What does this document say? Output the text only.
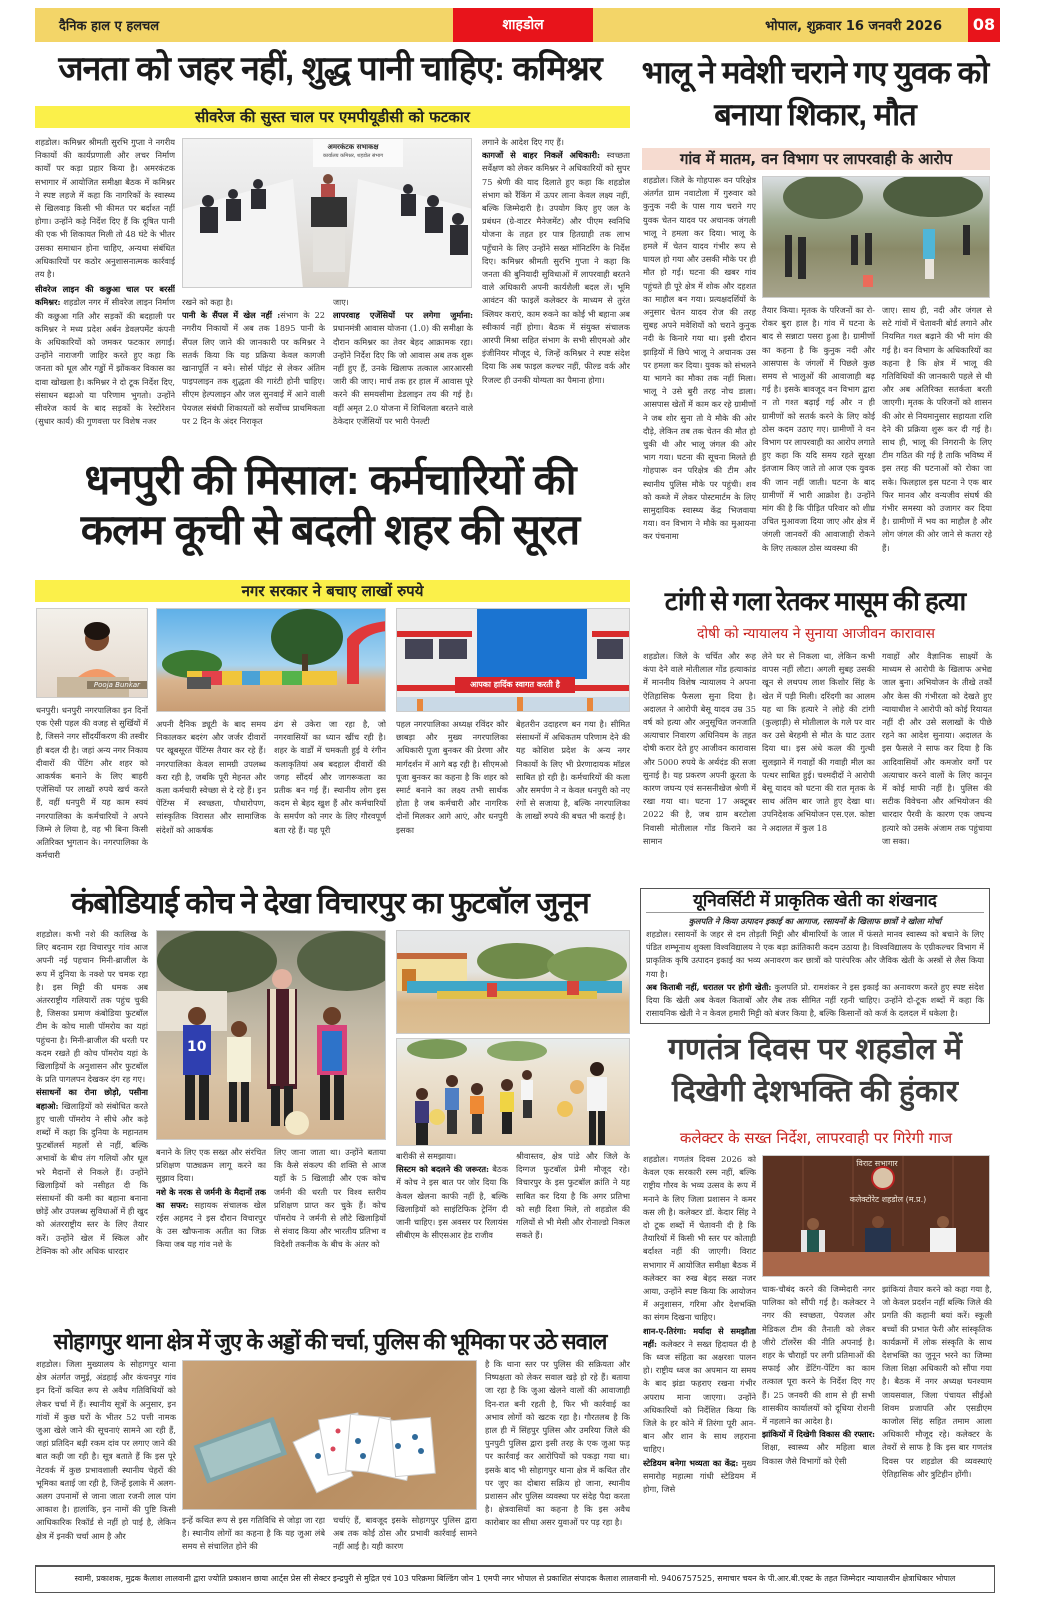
दैनिक हाल ए हलचल	शाहडोल	भोपाल, शुक्रवार 16 जनवरी 2026	08
जनता को जहर नहीं, शुद्ध पानी चाहिए: कमिश्नर
सीवरेज की सुस्त चाल पर एमपीयूडीसी को फटकार
शहडोल। कमिश्नर श्रीमती सुरभि गुप्ता ने नगरीय निकायों की कार्यप्रणाली और लचर निर्माण कार्यों पर कड़ा प्रहार किया है। अमरकंटक सभागार में आयोजित समीक्षा बैठक में कमिश्नर ने स्पष्ट लहजे में कहा कि नागरिकों के स्वास्थ्य से खिलवाड़ किसी भी कीमत पर बर्दाश्त नहीं होगा। उन्होंने कड़े निर्देश दिए हैं कि दूषित पानी की एक भी शिकायत मिली तो 48 घंटे के भीतर उसका समाधान होना चाहिए, अन्यथा संबंधित अधिकारियों पर कठोर अनुशासनात्मक कार्रवाई तय है।
सीवरेज लाइन की कछुआ चाल पर बरसीं कमिश्नर: शहडोल नगर में सीवरेज लाइन निर्माण की कछुआ गति और सड़कों की बदहाली पर कमिश्नर ने मध्य प्रदेश अर्बन डेवलपमेंट कंपनी के अधिकारियों को जमकर फटकार लगाई। उन्होंने नाराजगी जाहिर करते हुए कहा कि जनता को धूल और गड्ढों में झोंककर विकास का दावा खोखला है। कमिश्नर ने दो टूक निर्देश दिए, संसाधन बढ़ाओ या परिणाम भुगतो। उन्होंने सीवरेज कार्य के बाद सड़कों के रेस्टोरेशन (सुधार कार्य) की गुणवत्ता पर विशेष नजर
अमरकंटक सभाकक्ष
कार्यालय कमिश्नर, शहडोल संभाग
रखने को कहा है।
पानी के सैंपल में खेल नहीं :संभाग के 22 नगरीय निकायों में अब तक 1895 पानी के सैंपल लिए जाने की जानकारी पर कमिश्नर ने सतर्क किया कि यह प्रक्रिया केवल कागजी खानापूर्ति न बने। सोर्स पॉइंट से लेकर अंतिम पाइपलाइन तक शुद्धता की गारंटी होनी चाहिए। सीएम हेल्पलाइन और जल सुनवाई में आने वाली पेयजल संबंधी शिकायतों को सर्वोच्च प्राथमिकता पर 2 दिन के अंदर निराकृत
जाए।
लापरवाह एजेंसियों पर लगेगा जुर्माना: प्रधानमंत्री आवास योजना (1.0) की समीक्षा के दौरान कमिश्नर का तेवर बेहद आक्रामक रहा। उन्होंने निर्देश दिए कि जो आवास अब तक शुरू नहीं हुए हैं, उनके खिलाफ तत्काल आरआरसी जारी की जाए। मार्च तक हर हाल में आवास पूरे करने की समयसीमा डेडलाइन तय की गई है। वहीं अमृत 2.0 योजना में शिथिलता बरतने वाले ठेकेदार एजेंसियों पर भारी पेनल्टी
लगाने के आदेश दिए गए हैं।
कागजों से बाहर निकलें अधिकारी: स्वच्छता सर्वेक्षण को लेकर कमिश्नर ने अधिकारियों को सुपर 75 श्रेणी की याद दिलाते हुए कहा कि शहडोल संभाग को रैंकिंग में ऊपर लाना केवल लक्ष्य नहीं, बल्कि जिम्मेदारी है। उपयोग किए हुए जल के प्रबंधन (ग्रे-वाटर मैनेजमेंट) और पीएम स्वनिधि योजना के तहत हर पात्र हितग्राही तक लाभ पहुँचाने के लिए उन्होंने सख्त मॉनिटरिंग के निर्देश दिए। कमिश्नर श्रीमती सुरभि गुप्ता ने कहा कि जनता की बुनियादी सुविधाओं में लापरवाही बरतने वाले अधिकारी अपनी कार्यशैली बदल लें। भूमि आवंटन की फाइलें कलेक्टर के माध्यम से तुरंत क्लियर कराएं, काम रुकने का कोई भी बहाना अब स्वीकार्य नहीं होगा। बैठक में संयुक्त संचालक आरपी मिश्रा सहित संभाग के सभी सीएमओ और इंजीनियर मौजूद थे, जिन्हें कमिश्नर ने स्पष्ट संदेश दिया कि अब फाइल कल्चर नहीं, फील्ड वर्क और रिजल्ट ही उनकी योग्यता का पैमाना होगा।
भालू ने मवेशी चराने गए युवक को बनाया शिकार, मौत
गांव में मातम, वन विभाग पर लापरवाही के आरोप
शहडोल। जिले के गोहपारू वन परिक्षेत्र अंतर्गत ग्राम नवाटोला में गुरुवार को कुनुक नदी के पास गाय चराने गए युवक चेतन यादव पर अचानक जंगली भालू ने हमला कर दिया। भालू के हमले में चेतन यादव गंभीर रूप से घायल हो गया और उसकी मौके पर ही मौत हो गई। घटना की खबर गांव पहुंचते ही पूरे क्षेत्र में शोक और दहशत का माहौल बन गया। प्रत्यक्षदर्शियों के अनुसार चेतन यादव रोज की तरह सुबह अपने मवेशियों को चराने कुनुक नदी के किनारे गया था। इसी दौरान झाड़ियों में छिपे भालू ने अचानक उस पर हमला कर दिया। युवक को संभलने या भागने का मौका तक नहीं मिला। भालू ने उसे बुरी तरह नोच डाला। आसपास खेतों में काम कर रहे ग्रामीणों ने जब शोर सुना तो वे मौके की ओर दौड़े, लेकिन तब तक चेतन की मौत हो चुकी थी और भालू जंगल की ओर भाग गया। घटना की सूचना मिलते ही गोहपारू वन परिक्षेत्र की टीम और स्थानीय पुलिस मौके पर पहुंची। शव को कब्जे में लेकर पोस्टमार्टम के लिए सामुदायिक स्वास्थ्य केंद्र भिजवाया गया। वन विभाग ने मौके का मुआयना कर पंचनामा
तैयार किया। मृतक के परिजनों का रो-रोकर बुरा हाल है। गांव में घटना के बाद से सन्नाटा पसरा हुआ है। ग्रामीणों का कहना है कि कुनुक नदी और आसपास के जंगलों में पिछले कुछ समय से भालुओं की आवाजाही बढ़ गई है। इसके बावजूद वन विभाग द्वारा न तो गश्त बढ़ाई गई और न ही ग्रामीणों को सतर्क करने के लिए कोई ठोस कदम उठाए गए। ग्रामीणों ने वन विभाग पर लापरवाही का आरोप लगाते हुए कहा कि यदि समय रहते सुरक्षा इंतजाम किए जाते तो आज एक युवक की जान नहीं जाती। घटना के बाद ग्रामीणों में भारी आक्रोश है। उन्होंने मांग की है कि पीड़ित परिवार को शीघ्र उचित मुआवजा दिया जाए और क्षेत्र में जंगली जानवरों की आवाजाही रोकने के लिए तत्काल ठोस व्यवस्था की
जाए। साथ ही, नदी और जंगल से सटे गांवों में चेतावनी बोर्ड लगाने और नियमित गश्त बढ़ाने की भी मांग की गई है। वन विभाग के अधिकारियों का कहना है कि क्षेत्र में भालू की गतिविधियों की जानकारी पहले से थी और अब अतिरिक्त सतर्कता बरती जाएगी। मृतक के परिजनों को शासन की ओर से नियमानुसार सहायता राशि देने की प्रक्रिया शुरू कर दी गई है। साथ ही, भालू की निगरानी के लिए टीम गठित की गई है ताकि भविष्य में इस तरह की घटनाओं को रोका जा सके। फिलहाल इस घटना ने एक बार फिर मानव और वन्यजीव संघर्ष की गंभीर समस्या को उजागर कर दिया है। ग्रामीणों में भय का माहौल है और लोग जंगल की ओर जाने से कतरा रहे हैं।
धनपुरी की मिसाल: कर्मचारियों की
कलम कूची से बदली शहर की सूरत
नगर सरकार ने बचाए लाखों रुपये
Pooja Bunkar
धनपुरी। धनपुरी नगरपालिका इन दिनों एक ऐसी पहल की वजह से सुर्खियों में है, जिसने नगर सौंदर्यीकरण की तस्वीर ही बदल दी है। जहां अन्य नगर निकाय दीवारों की पेंटिंग और शहर को आकर्षक बनाने के लिए बाहरी एजेंसियों पर लाखों रुपये खर्च करते हैं, वहीं धनपुरी में यह काम स्वयं नगरपालिका के कर्मचारियों ने अपने जिम्मे ले लिया है, वह भी बिना किसी अतिरिक्त भुगतान के। नगरपालिका के कर्मचारी
अपनी दैनिक ड्यूटी के बाद समय निकालकर बदरंग और जर्जर दीवारों पर खूबसूरत पेंटिंग्स तैयार कर रहे हैं। नगरपालिका केवल सामग्री उपलब्ध करा रही है, जबकि पूरी मेहनत और कला कर्मचारी स्वेच्छा से दे रहे हैं। इन पेंटिंग्स में स्वच्छता, पौधारोपण, सांस्कृतिक विरासत और सामाजिक संदेशों को आकर्षक
ढंग से उकेरा जा रहा है, जो नगरवासियों का ध्यान खींच रही है। शहर के वार्डों में चमकती हुई ये रंगीन कलाकृतियां अब बदहाल दीवारों की जगह सौंदर्य और जागरूकता का प्रतीक बन गई हैं। स्थानीय लोग इस कदम से बेहद खुश हैं और कर्मचारियों के समर्पण को नगर के लिए गौरवपूर्ण बता रहे हैं। यह पूरी
आपका हार्दिक स्वागत करती है
पहल नगरपालिका अध्यक्ष रविंदर कौर छाबड़ा और मुख्य नगरपालिका अधिकारी पूजा बुनकर की प्रेरणा और मार्गदर्शन में आगे बढ़ रही है। सीएमओ पूजा बुनकर का कहना है कि शहर को स्मार्ट बनाने का लक्ष्य तभी सार्थक होता है जब कर्मचारी और नागरिक दोनों मिलकर आगे आएं, और धनपुरी इसका
बेहतरीन उदाहरण बन गया है। सीमित संसाधनों में अधिकतम परिणाम देने की यह कोशिश प्रदेश के अन्य नगर निकायों के लिए भी प्रेरणादायक मॉडल साबित हो रही है। कर्मचारियों की कला और समर्पण ने न केवल धनपुरी को नए रंगों से सजाया है, बल्कि नगरपालिका के लाखों रुपये की बचत भी कराई है।
टांगी से गला रेतकर मासूम की हत्या
दोषी को न्यायालय ने सुनाया आजीवन कारावास
शहडोल। जिले के चर्चित और रूह कंपा देने वाले मोतीलाल गोंड हत्याकांड में माननीय विशेष न्यायालय ने अपना ऐतिहासिक फैसला सुना दिया है। अदालत ने आरोपी बेसू यादव उम्र 35 वर्ष को हत्या और अनुसूचित जनजाति अत्याचार निवारण अधिनियम के तहत दोषी करार देते हुए आजीवन कारावास और 5000 रुपये के अर्थदंड की सजा सुनाई है। यह प्रकरण अपनी क्रूरता के कारण जघन्य एवं सनसनीखेज श्रेणी में रखा गया था। घटना 17 अक्टूबर 2022 की है, जब ग्राम बरटोला निवासी मोतीलाल गोंड किराने का सामान
लेने घर से निकला था, लेकिन कभी वापस नहीं लौटा। अगली सुबह उसकी खून से लथपथ लाश किशोर सिंह के खेत में पड़ी मिली। दरिंदगी का आलम यह था कि हत्यारे ने लोहे की टांगी (कुल्हाड़ी) से मोतीलाल के गले पर वार कर उसे बेरहमी से मौत के घाट उतार दिया था। इस अंधे कत्ल की गुत्थी सुलझाने में गवाहों की गवाही मील का पत्थर साबित हुई। चश्मदीदों ने आरोपी बेसू यादव को घटना की रात मृतक के साथ अंतिम बार जाते हुए देखा था। उपनिदेशक अभियोजन एस.एल. कोष्टा ने अदालत में कुल 18
गवाहों और वैज्ञानिक साक्ष्यों के माध्यम से आरोपी के खिलाफ अभेद्य जाल बुना। अभियोजन के तीखे तर्कों और केस की गंभीरता को देखते हुए न्यायाधीश ने आरोपी को कोई रियायत नहीं दी और उसे सलाखों के पीछे रहने का आदेश सुनाया। अदालत के इस फैसले ने साफ कर दिया है कि आदिवासियों और कमजोर वर्गों पर अत्याचार करने वालों के लिए कानून में कोई माफी नहीं है। पुलिस की सटीक विवेचना और अभियोजन की धारदार पैरवी के कारण एक जघन्य हत्यारे को उसके अंजाम तक पहुंचाया जा सका।
यूनिवर्सिटी में प्राकृतिक खेती का शंखनाद
कुलपति ने किया उत्पादन इकाई का आगाज, रसायनों के खिलाफ छात्रों ने खोला मोर्चा
शहडोल। रसायनों के जहर से दम तोड़ती मिट्टी और बीमारियों के जाल में फंसते मानव स्वास्थ्य को बचाने के लिए पंडित शम्भूनाथ शुक्ला विश्वविद्यालय ने एक बड़ा क्रांतिकारी कदम उठाया है। विश्वविद्यालय के एग्रीकल्चर विभाग में प्राकृतिक कृषि उत्पादन इकाई का भव्य अनावरण कर छात्रों को पारंपरिक और जैविक खेती के अस्त्रों से लैस किया गया है।
अब किताबी नहीं, धरातल पर होगी खेती: कुलपति प्रो. रामशंकर ने इस इकाई का अनावरण करते हुए स्पष्ट संदेश दिया कि खेती अब केवल किताबों और लैब तक सीमित नहीं रहनी चाहिए। उन्होंने दो-टूक शब्दों में कहा कि रासायनिक खेती ने न केवल हमारी मिट्टी को बंजर किया है, बल्कि किसानों को कर्ज के दलदल में धकेला है।
गणतंत्र दिवस पर शहडोल में
दिखेगी देशभक्ति की हुंकार
कलेक्टर के सख्त निर्देश, लापरवाही पर गिरेगी गाज
शहडोल। गणतंत्र दिवस 2026 को केवल एक सरकारी रस्म नहीं, बल्कि राष्ट्रीय गौरव के भव्य उत्सव के रूप में मनाने के लिए जिला प्रशासन ने कमर कस ली है। कलेक्टर डॉ. केदार सिंह ने दो टूक शब्दों में चेतावनी दी है कि तैयारियों में किसी भी स्तर पर कोताही बर्दाश्त नहीं की जाएगी। विराट सभागार में आयोजित समीक्षा बैठक में कलेक्टर का रुख बेहद सख्त नजर आया, उन्होंने स्पष्ट किया कि आयोजन में अनुशासन, गरिमा और देशभक्ति का संगम दिखना चाहिए।
शान-ए-तिरंगा: मर्यादा से समझौता नहीं: कलेक्टर ने सख्त हिदायत दी है कि ध्वज संहिता का अक्षरशः पालन हो। राष्ट्रीय ध्वज का अपमान या समय के बाद झंडा फहराए रखना गंभीर अपराध माना जाएगा। उन्होंने अधिकारियों को निर्देशित किया कि जिले के हर कोने में तिरंगा पूरी आन-बान और शान के साथ लहराना चाहिए।
स्टेडियम बनेगा भव्यता का केंद्र: मुख्य समारोह महात्मा गांधी स्टेडियम में होगा, जिसे
विराट सभागार
कलेक्टोरेट शहडोल (म.प्र.)
चाक-चौबंद करने की जिम्मेदारी नगर पालिका को सौंपी गई है। कलेक्टर ने नगर की स्वच्छता, पेयजल और मेडिकल टीम की तैनाती को लेकर जीरो टॉलरेंस की नीति अपनाई है। शहर के चौराहों पर लगी प्रतिमाओं की सफाई और डेंटिंग-पेंटिंग का काम तत्काल पूरा करने के निर्देश दिए गए हैं। 25 जनवरी की शाम से ही सभी शासकीय कार्यालयों को दूधिया रोशनी में नहलाने का आदेश है।
झांकियों में दिखेगी विकास की रफ्तार: शिक्षा, स्वास्थ्य और महिला बाल विकास जैसे विभागों को ऐसी
झांकियां तैयार करने को कहा गया है, जो केवल प्रदर्शन नहीं बल्कि जिले की प्रगति की कहानी बयां करें। स्कूली बच्चों की प्रभात फेरी और सांस्कृतिक कार्यक्रमों में लोक संस्कृति के साथ देशभक्ति का जुनून भरने का जिम्मा जिला शिक्षा अधिकारी को सौंपा गया है। बैठक में नगर अध्यक्ष घनश्याम जायसवाल, जिला पंचायत सीईओ शिवम प्रजापति और एसडीएम काजोल सिंह सहित तमाम आला अधिकारी मौजूद रहे। कलेक्टर के तेवरों से साफ है कि इस बार गणतंत्र दिवस पर शहडोल की व्यवस्थाएं ऐतिहासिक और त्रुटिहीन होंगी।
कंबोडियाई कोच ने देखा विचारपुर का फुटबॉल जुनून
शहडोल। कभी नशे की कालिख के लिए बदनाम रहा विचारपुर गांव आज अपनी नई पहचान मिनी-ब्राजील के रूप में दुनिया के नक्शे पर चमक रहा है। इस मिट्टी की धमक अब अंतरराष्ट्रीय गलियारों तक पहुंच चुकी है, जिसका प्रमाण कंबोडिया फुटबॉल टीम के कोच माली पॉमरोय का यहां पहुंचना है। मिनी-ब्राजील की धरती पर कदम रखते ही कोच पॉमरोय यहां के खिलाड़ियों के अनुशासन और फुटबॉल के प्रति पागलपन देखकर दंग रह गए।
संसाधनों का रोना छोड़ो, पसीना बहाओ: खिलाड़ियों को संबोधित करते हुए चाली पॉमरोय ने सीधे और कड़े शब्दों में कहा कि दुनिया के महानतम फुटबॉलर्स महलों से नहीं, बल्कि अभावों के बीच तंग गलियों और धूल भरे मैदानों से निकले हैं। उन्होंने खिलाड़ियों को नसीहत दी कि संसाधनों की कमी का बहाना बनाना छोड़ें और उपलब्ध सुविधाओं में ही खुद को अंतरराष्ट्रीय स्तर के लिए तैयार करें। उन्होंने खेल में स्किल और टेक्निक को और अधिक धारदार
10
बनाने के लिए एक सख्त और संरचित प्रशिक्षण पाठ्यक्रम लागू करने का सुझाव दिया।
नशे के नरक से जर्मनी के मैदानों तक का सफर: सहायक संचालक खेल रईस अहमद ने इस दौरान विचारपुर के उस खौफनाक अतीत का जिक्र किया जब यह गांव नशे के
लिए जाना जाता था। उन्होंने बताया कि कैसे संकल्प की शक्ति से आज यहाँ के 5 खिलाड़ी और एक कोच जर्मनी की धरती पर विश्व स्तरीय प्रशिक्षण प्राप्त कर चुके हैं। कोच पॉमरोय ने जर्मनी से लौटे खिलाड़ियों से संवाद किया और भारतीय प्रतिभा व विदेशी तकनीक के बीच के अंतर को
बारीकी से समझाया।
सिस्टम को बदलने की जरूरत: बैठक में कोच ने इस बात पर जोर दिया कि केवल खेलना काफी नहीं है, बल्कि खिलाड़ियों को साइंटिफिक ट्रेनिंग दी जानी चाहिए। इस अवसर पर रिलायंस सीबीएम के सीएसआर हेड राजीव
श्रीवास्तव, क्षेत्र पांडे और जिले के दिग्गज फुटबॉल प्रेमी मौजूद रहे। विचारपुर के इस फुटबॉल क्रांति ने यह साबित कर दिया है कि अगर प्रतिभा को सही दिशा मिले, तो शहडोल की गलियों से भी मेसी और रोनाल्डो निकल सकते हैं।
सोहागपुर थाना क्षेत्र में जुए के अड्डों की चर्चा, पुलिस की भूमिका पर उठे सवाल
शहडोल। जिला मुख्यालय के सोहागपुर थाना क्षेत्र अंतर्गत जमुई, अंडहाई और कंचनपुर गांव इन दिनों कथित रूप से अवैध गतिविधियों को लेकर चर्चा में हैं। स्थानीय सूत्रों के अनुसार, इन गांवों में कुछ घरों के भीतर 52 पत्ती नामक जुआ खेले जाने की सूचनाएं सामने आ रही हैं, जहां प्रतिदिन बड़ी रकम दांव पर लगाए जाने की बात कही जा रही है। सूत्र बताते हैं कि इस पूरे नेटवर्क में कुछ प्रभावशाली स्थानीय चेहरों की भूमिका बताई जा रही है, जिन्हें इलाके में अलग-अलग उपनामों से जाना जाता रजनी लाल पांग आकाश है। हालांकि, इन नामों की पुष्टि किसी आधिकारिक रिकॉर्ड से नहीं हो पाई है, लेकिन क्षेत्र में इनकी चर्चा आम है और
इन्हें कथित रूप से इस गतिविधि से जोड़ा जा रहा है। स्थानीय लोगों का कहना है कि यह जुआ लंबे समय से संचालित होने की
चर्चाएं हैं, बावजूद इसके सोहागपुर पुलिस द्वारा अब तक कोई ठोस और प्रभावी कार्रवाई सामने नहीं आई है। यही कारण
है कि थाना स्तर पर पुलिस की सक्रियता और निष्पक्षता को लेकर सवाल खड़े हो रहे हैं। बताया जा रहा है कि जुआ खेलने वालों की आवाजाही दिन-रात बनी रहती है, फिर भी कार्रवाई का अभाव लोगों को खटक रहा है। गौरतलब है कि हाल ही में सिंहपुर पुलिस और उमरिया जिले की पुनपुटी पुलिस द्वारा इसी तरह के एक जुआ फड़ पर कार्रवाई कर आरोपियों को पकड़ा गया था। इसके बाद भी सोहागपुर थाना क्षेत्र में कथित तौर पर जुए का दोबारा सक्रिय हो जाना, स्थानीय प्रशासन और पुलिस व्यवस्था पर संदेह पैदा करता है। क्षेत्रवासियों का कहना है कि इस अवैध कारोबार का सीधा असर युवाओं पर पड़ रहा है।
स्वामी, प्रकाशक, मुद्रक कैलाश लालवानी द्वारा ज्योति प्रकाशन छाया आर्ट्स प्रेस सी सेक्टर इन्द्रपुरी से मुद्रित एवं 103 परिक्रमा बिल्डिंग जोन 1 एमपी नगर भोपाल से प्रकाशित संपादक कैलाश लालवानी मो. 9406757525, समाचार चयन के पी.आर.बी.एक्ट के तहत जिम्मेदार न्यायालयीन क्षेत्राधिकार भोपाल
